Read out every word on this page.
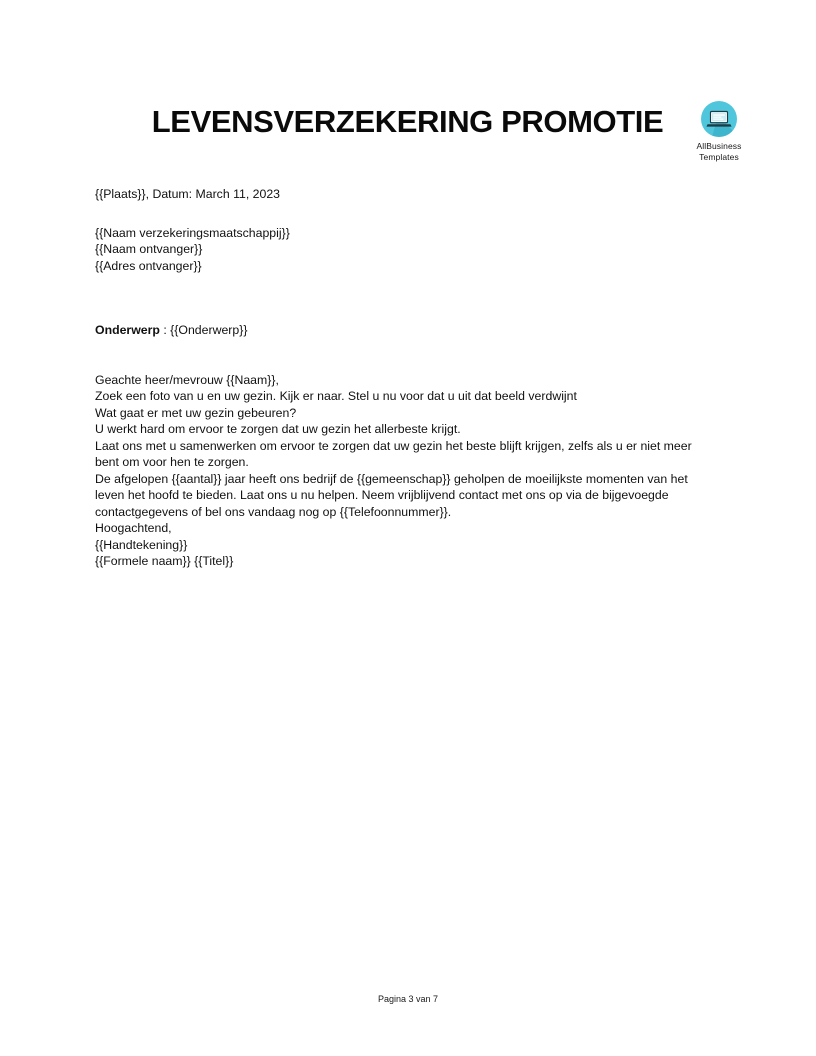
LEVENSVERZEKERING PROMOTIE
AllBusiness
Templates
{{Plaats}}, Datum: March 11, 2023
{{Naam verzekeringsmaatschappij}}
{{Naam ontvanger}}
{{Adres ontvanger}}
Onderwerp : {{Onderwerp}}
Geachte heer/mevrouw {{Naam}},

Zoek een foto van u en uw gezin. Kijk er naar. Stel u nu voor dat u uit dat beeld verdwijnt

Wat gaat er met uw gezin gebeuren?

U werkt hard om ervoor te zorgen dat uw gezin het allerbeste krijgt.

Laat ons met u samenwerken om ervoor te zorgen dat uw gezin het beste blijft krijgen, zelfs als u er niet meer bent om voor hen te zorgen.

De afgelopen {{aantal}} jaar heeft ons bedrijf de {{gemeenschap}} geholpen de moeilijkste momenten van het leven het hoofd te bieden. Laat ons u nu helpen. Neem vrijblijvend contact met ons op via de bijgevoegde contactgegevens of bel ons vandaag nog op {{Telefoonnummer}}.

Hoogachtend,

{{Handtekening}}

{{Formele naam}} {{Titel}}

Pagina 3 van 7
